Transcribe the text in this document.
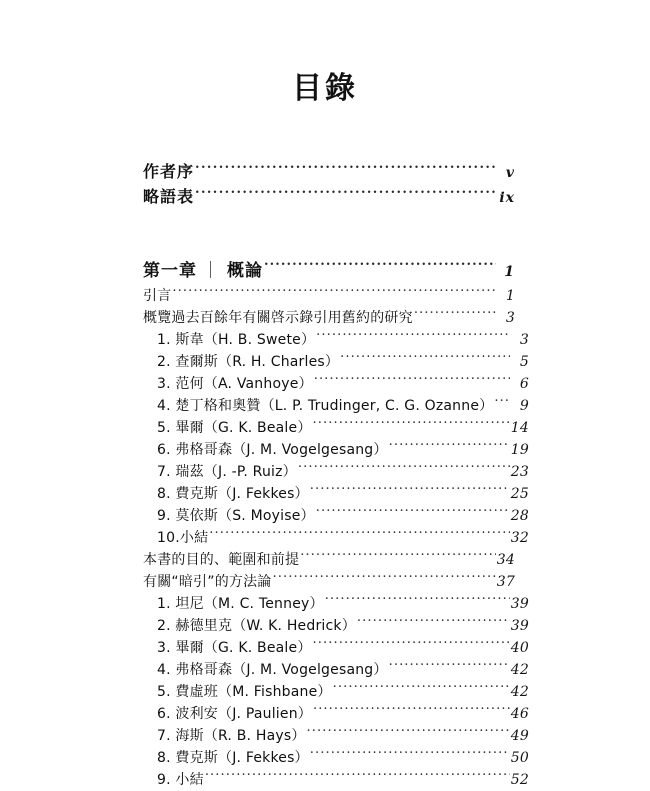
目錄
作者序 .....	v
略語表 .....	ix
第一章 ｜ 概論 .....	1
引言 .....	1
概覽過去百餘年有關啓示錄引用舊約的研究 .....	3
1. 斯韋（H. B. Swete） .....	3
2. 查爾斯（R. H. Charles） .....	5
3. 范何（A. Vanhoye） .....	6
4. 楚丁格和奧贊（L. P. Trudinger, C. G. Ozanne） .....	9
5. 畢爾（G. K. Beale） .....	14
6. 弗格哥森（J. M. Vogelgesang） .....	19
7. 瑞茲（J. -P. Ruiz） .....	23
8. 費克斯（J. Fekkes） .....	25
9. 莫依斯（S. Moyise） .....	28
10.小結 .....	32
本書的目的、範圍和前提 .....	34
有關“暗引”的方法論 .....	37
1. 坦尼（M. C. Tenney） .....	39
2. 赫德里克（W. K. Hedrick） .....	39
3. 畢爾（G. K. Beale） .....	40
4. 弗格哥森（J. M. Vogelgesang） .....	42
5. 費虛班（M. Fishbane） .....	42
6. 波利安（J. Paulien） .....	46
7. 海斯（R. B. Hays） .....	49
8. 費克斯（J. Fekkes） .....	50
9. 小結 .....	52
